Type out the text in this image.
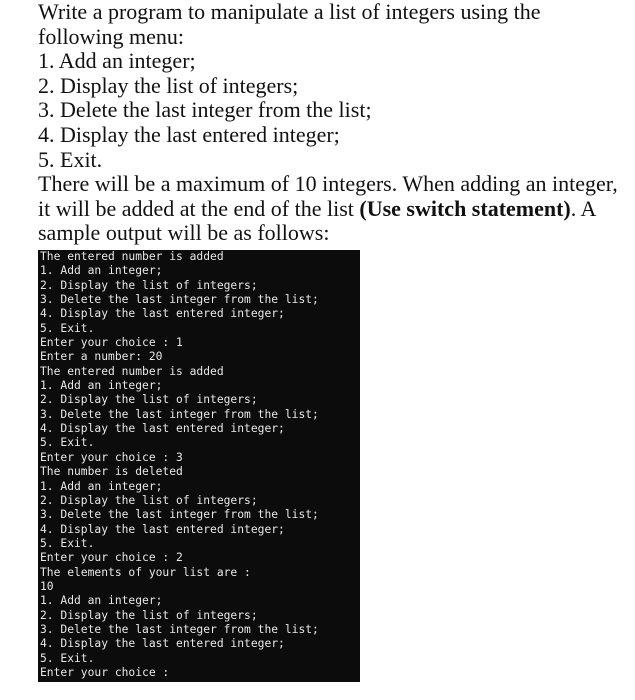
Write a program to manipulate a list of integers using the following menu:

1. Add an integer;
2. Display the list of integers;
3. Delete the last integer from the list;
4. Display the last entered integer;
5. Exit.

There will be a maximum of 10 integers. When adding an integer, it will be added at the end of the list (Use switch statement). A sample output will be as follows:

The entered number is added
1. Add an integer;
2. Display the list of integers;
3. Delete the last integer from the list;
4. Display the last entered integer;
5. Exit.
Enter your choice : 1
Enter a number: 20
The entered number is added
1. Add an integer;
2. Display the list of integers;
3. Delete the last integer from the list;
4. Display the last entered integer;
5. Exit.
Enter your choice : 3
The number is deleted
1. Add an integer;
2. Display the list of integers;
3. Delete the last integer from the list;
4. Display the last entered integer;
5. Exit.
Enter your choice : 2
The elements of your list are :
10
1. Add an integer;
2. Display the list of integers;
3. Delete the last integer from the list;
4. Display the last entered integer;
5. Exit.
Enter your choice :
